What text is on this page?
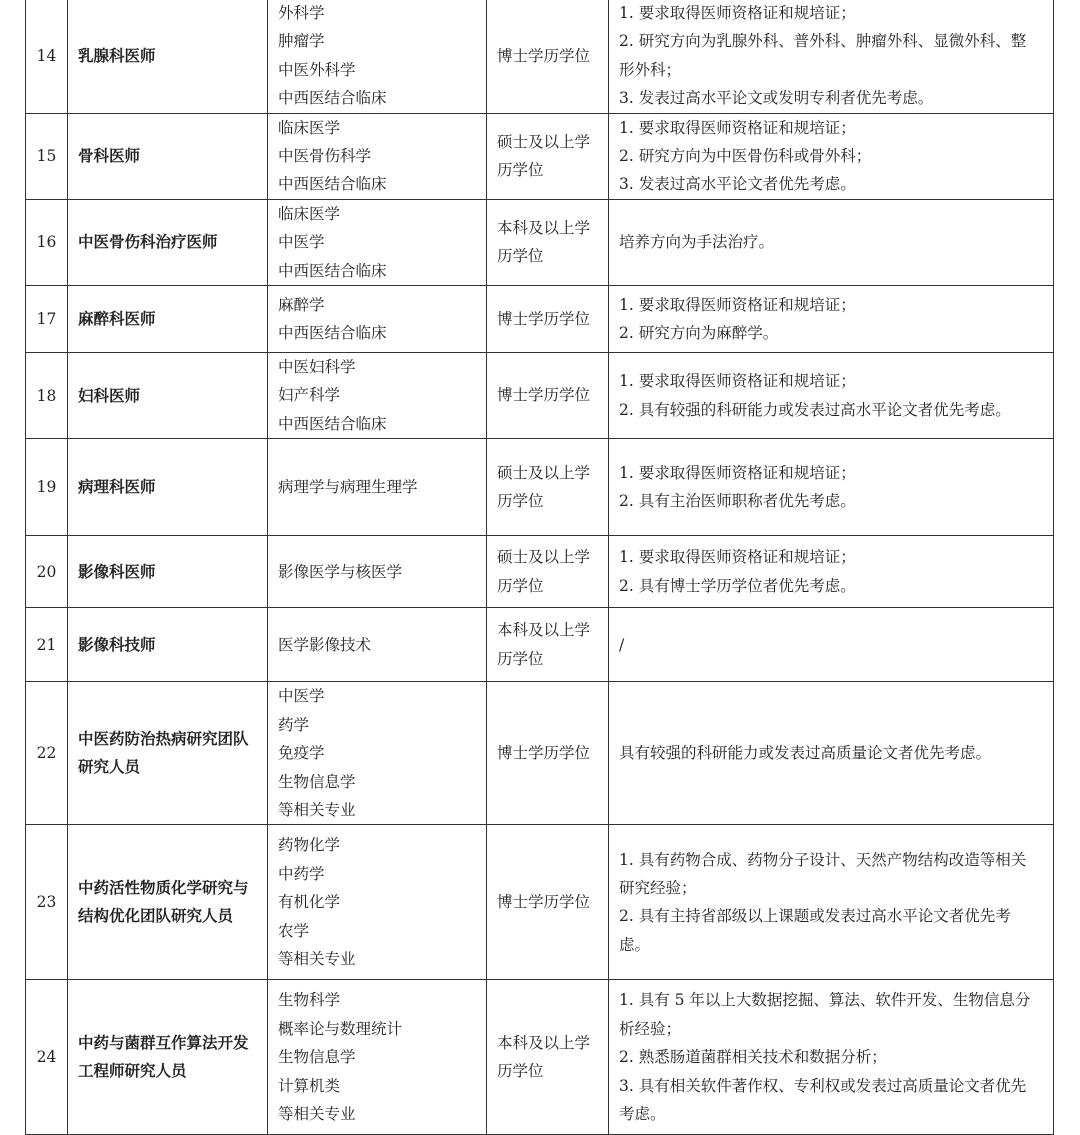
14	乳腺科医师	外科学
肿瘤学
中医外科学
中西医结合临床	博士学历学位	1. 要求取得医师资格证和规培证；
2. 研究方向为乳腺外科、普外科、肿瘤外科、显微外科、整
形外科；
3. 发表过高水平论文或发明专利者优先考虑。

15	骨科医师	临床医学
中医骨伤科学
中西医结合临床	硕士及以上学
历学位	1. 要求取得医师资格证和规培证；
2. 研究方向为中医骨伤科或骨外科；
3. 发表过高水平论文者优先考虑。

16	中医骨伤科治疗医师	临床医学
中医学
中西医结合临床	本科及以上学
历学位	培养方向为手法治疗。

17	麻醉科医师	麻醉学
中西医结合临床	博士学历学位	1. 要求取得医师资格证和规培证；
2. 研究方向为麻醉学。

18	妇科医师	中医妇科学
妇产科学
中西医结合临床	博士学历学位	1. 要求取得医师资格证和规培证；
2. 具有较强的科研能力或发表过高水平论文者优先考虑。

19	病理科医师	病理学与病理生理学	硕士及以上学
历学位	1. 要求取得医师资格证和规培证；
2. 具有主治医师职称者优先考虑。

20	影像科医师	影像医学与核医学	硕士及以上学
历学位	1. 要求取得医师资格证和规培证；
2. 具有博士学历学位者优先考虑。

21	影像科技师	医学影像技术	本科及以上学
历学位	/

22	中医药防治热病研究团队
研究人员	中医学
药学
免疫学
生物信息学
等相关专业	博士学历学位	具有较强的科研能力或发表过高质量论文者优先考虑。

23	中药活性物质化学研究与
结构优化团队研究人员	药物化学
中药学
有机化学
农学
等相关专业	博士学历学位	1. 具有药物合成、药物分子设计、天然产物结构改造等相关
研究经验；
2. 具有主持省部级以上课题或发表过高水平论文者优先考
虑。

24	中药与菌群互作算法开发
工程师研究人员	生物科学
概率论与数理统计
生物信息学
计算机类
等相关专业	本科及以上学
历学位	1. 具有 5 年以上大数据挖掘、算法、软件开发、生物信息分
析经验；
2. 熟悉肠道菌群相关技术和数据分析；
3. 具有相关软件著作权、专利权或发表过高质量论文者优先
考虑。
